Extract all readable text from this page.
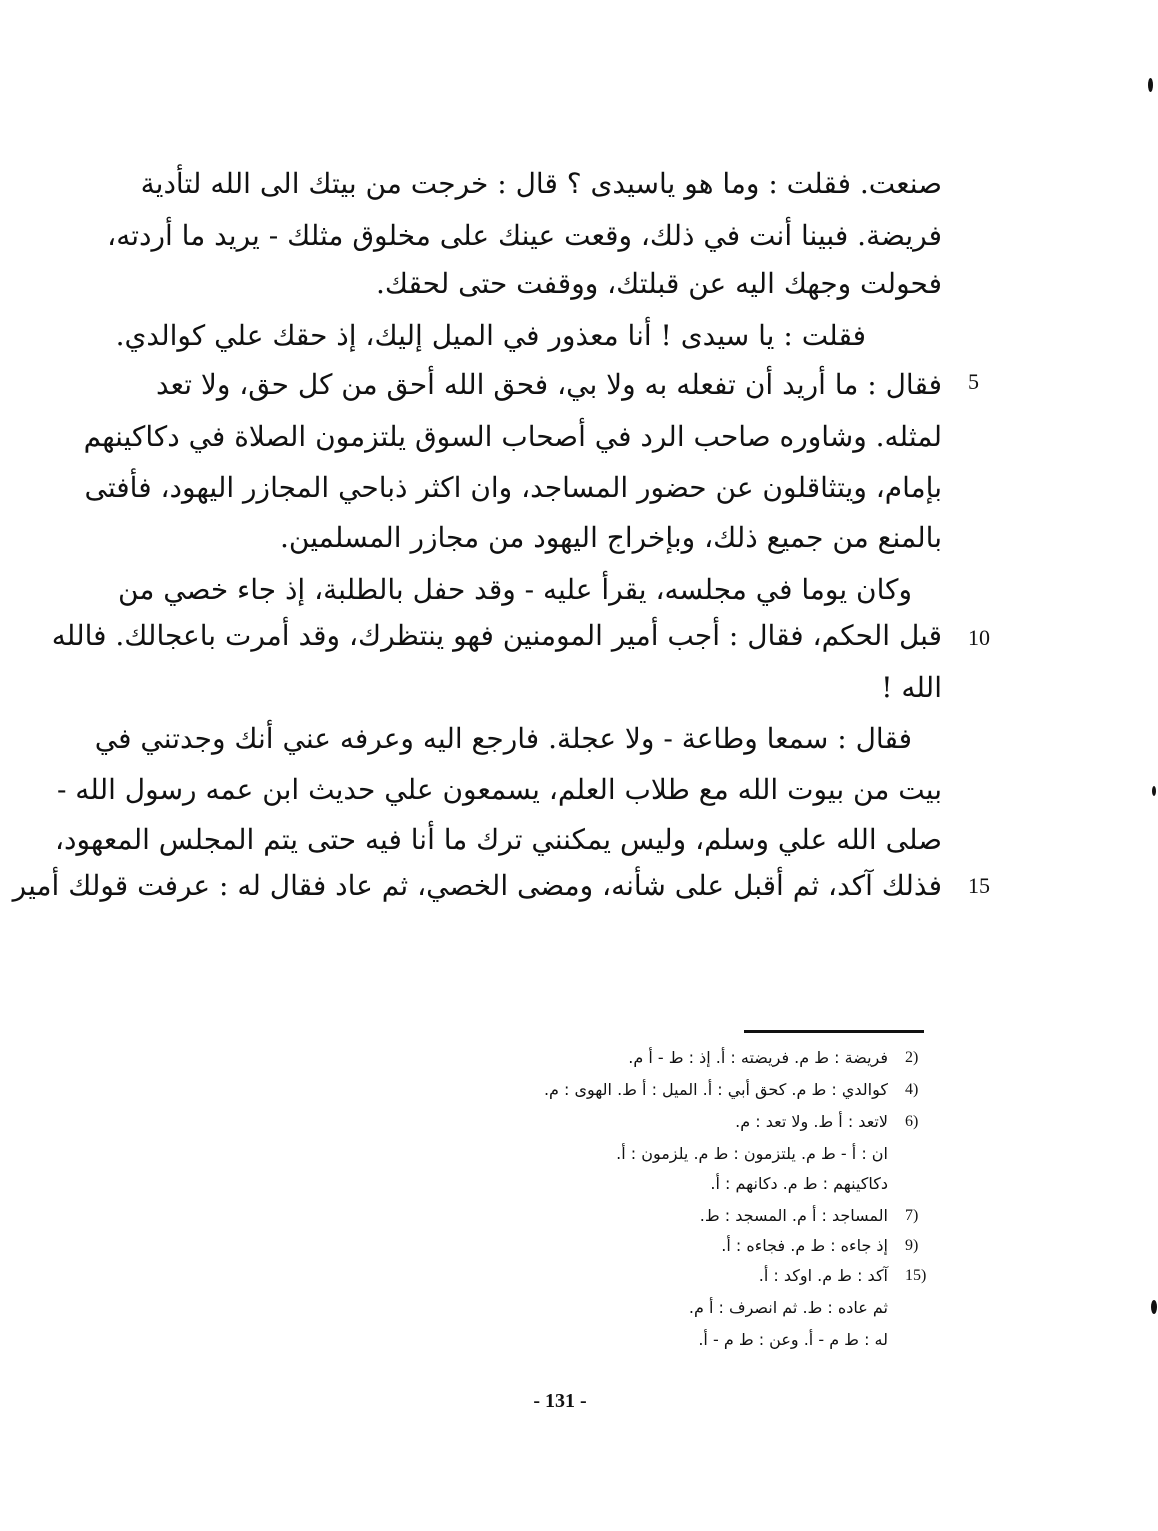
صنعت. فقلت : وما هو ياسيدى ؟ قال : خرجت من بيتك الى الله لتأدية
فريضة. فبينا أنت في ذلك، وقعت عينك على مخلوق مثلك - يريد ما أردته،
فحولت وجهك اليه عن قبلتك، ووقفت حتى لحقك.
فقلت : يا سيدى ! أنا معذور في الميل إليك، إذ حقك علي كوالدي.
فقال : ما أريد أن تفعله به ولا بي، فحق الله أحق من كل حق، ولا تعد
لمثله. وشاوره صاحب الرد في أصحاب السوق يلتزمون الصلاة في دكاكينهم
بإمام، ويتثاقلون عن حضور المساجد، وان اكثر ذباحي المجازر اليهود، فأفتى
بالمنع من جميع ذلك، وبإخراج اليهود من مجازر المسلمين.
وكان يوما في مجلسه، يقرأ عليه - وقد حفل بالطلبة، إذ جاء خصي من
قبل الحكم، فقال : أجب أمير المومنين فهو ينتظرك، وقد أمرت باعجالك. فالله
الله !
فقال : سمعا وطاعة - ولا عجلة. فارجع اليه وعرفه عني أنك وجدتني في
بيت من بيوت الله مع طلاب العلم، يسمعون علي حديث ابن عمه رسول الله -
صلى الله علي وسلم، وليس يمكنني ترك ما أنا فيه حتى يتم المجلس المعهود،
فذلك آكد، ثم أقبل على شأنه، ومضى الخصي، ثم عاد فقال له : عرفت قولك أمير
5
10
15
2)
فريضة : ط م. فريضته : أ. إذ : ط - أ م.
4)
كوالدي : ط م. كحق أبي : أ. الميل : أ ط. الهوى : م.
6)
لاتعد : أ ط. ولا تعد : م.
ان : أ - ط م. يلتزمون : ط م. يلزمون : أ.
دكاكينهم : ط م. دكانهم : أ.
7)
المساجد : أ م. المسجد : ط.
9)
إذ جاءه : ط م. فجاءه : أ.
15)
آكد : ط م. اوكد : أ.
ثم عاده : ط. ثم انصرف : أ م.
له : ط م - أ. وعن : ط م - أ.
- 131 -
